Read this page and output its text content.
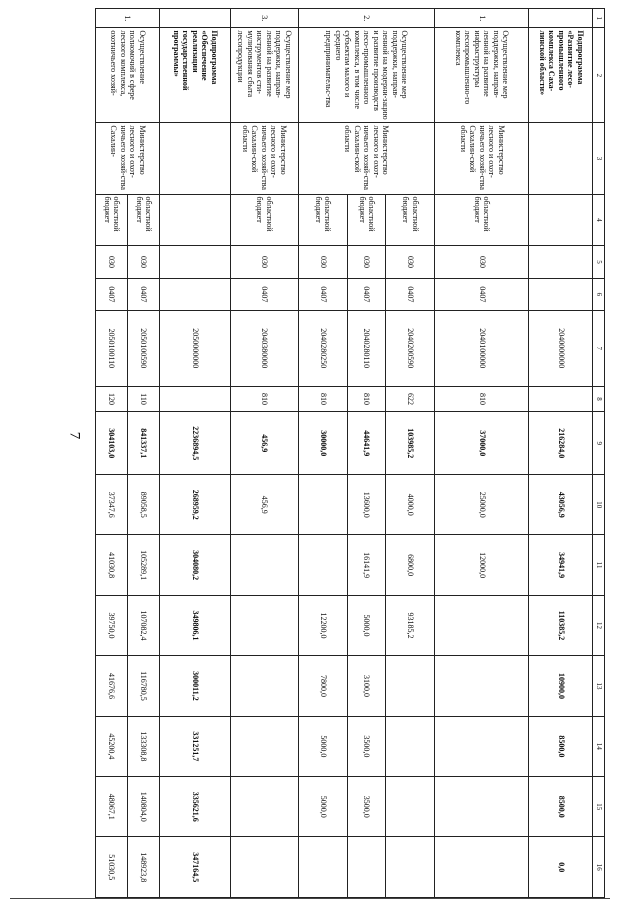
7
1	2	3	4	5	6	7	8	9	10	11	12	13	14	15	16
	Подпрограмма «Развитие лесо-промышленного комплекса Саха-линской области»					2040000000		216284,0	43056,9	34941,9	110385,2	10900,0	8500,0	8500,0	0,0
1.	Осуществление мер поддержки, направ-ленной на развитие инфраструктуры лесопромышленно-го комплекса	Министерство лесного и охот-ничьего хозяй-ства Сахалин-ской области	областной бюджет	030	0407	2040100000	810	37000,0	25000,0	12000,0					
2.	Осуществление мер поддержки, направ-ленной на модерни-зацию и развитие производств лесо-промышленного комплекса, в том числе субъектам малого и среднего предпринимательс-тва	Министерство лесного и охот-ничьего хозяй-ства Сахалин-ской области	областной бюджет	030	0407	2040200590	622	103985,2	4000,0	6800,0	93185,2				
			областной бюджет	030	0407	2040280110	810	44641,9	13600,0	16141,9	5000,0	3100,0	3500,0	3500,0	
			областной бюджет	030	0407	2040280250	810	30000,0			12200,0	7800,0	5000,0	5000,0	
3.	Осуществление мер поддержки, направ-ленной на развитие инструментов сти-мулирования сбыта лесопродукции	Министерство лесного и охот-ничьего хозяй-ства Сахалин-ской области	областной бюджет	030	0407	2040380000	810	456,9	456,9						
	Подпрограмма «Обеспечение реализации государственной программы»					2050000000		2236894,5	268959,2	304080,2	349806,1	300011,2	331251,7	335621,6	347164,5
1.	Осуществление полномочий в сфере лесного комплекса, охотничьего хозяй-	Министерство лесного и охот-ничьего хозяй-ства Сахалин-	областной бюджет	030	0407	2050100590	110	841337,1	89058,5	105289,1	107082,4	116780,5	133308,8	140804,0	148923,8
			областной бюджет	030	0407	2050100110	120	304103,0	37347,6	41030,8	39750,0	41676,6	45200,4	48067,1	51030,5
